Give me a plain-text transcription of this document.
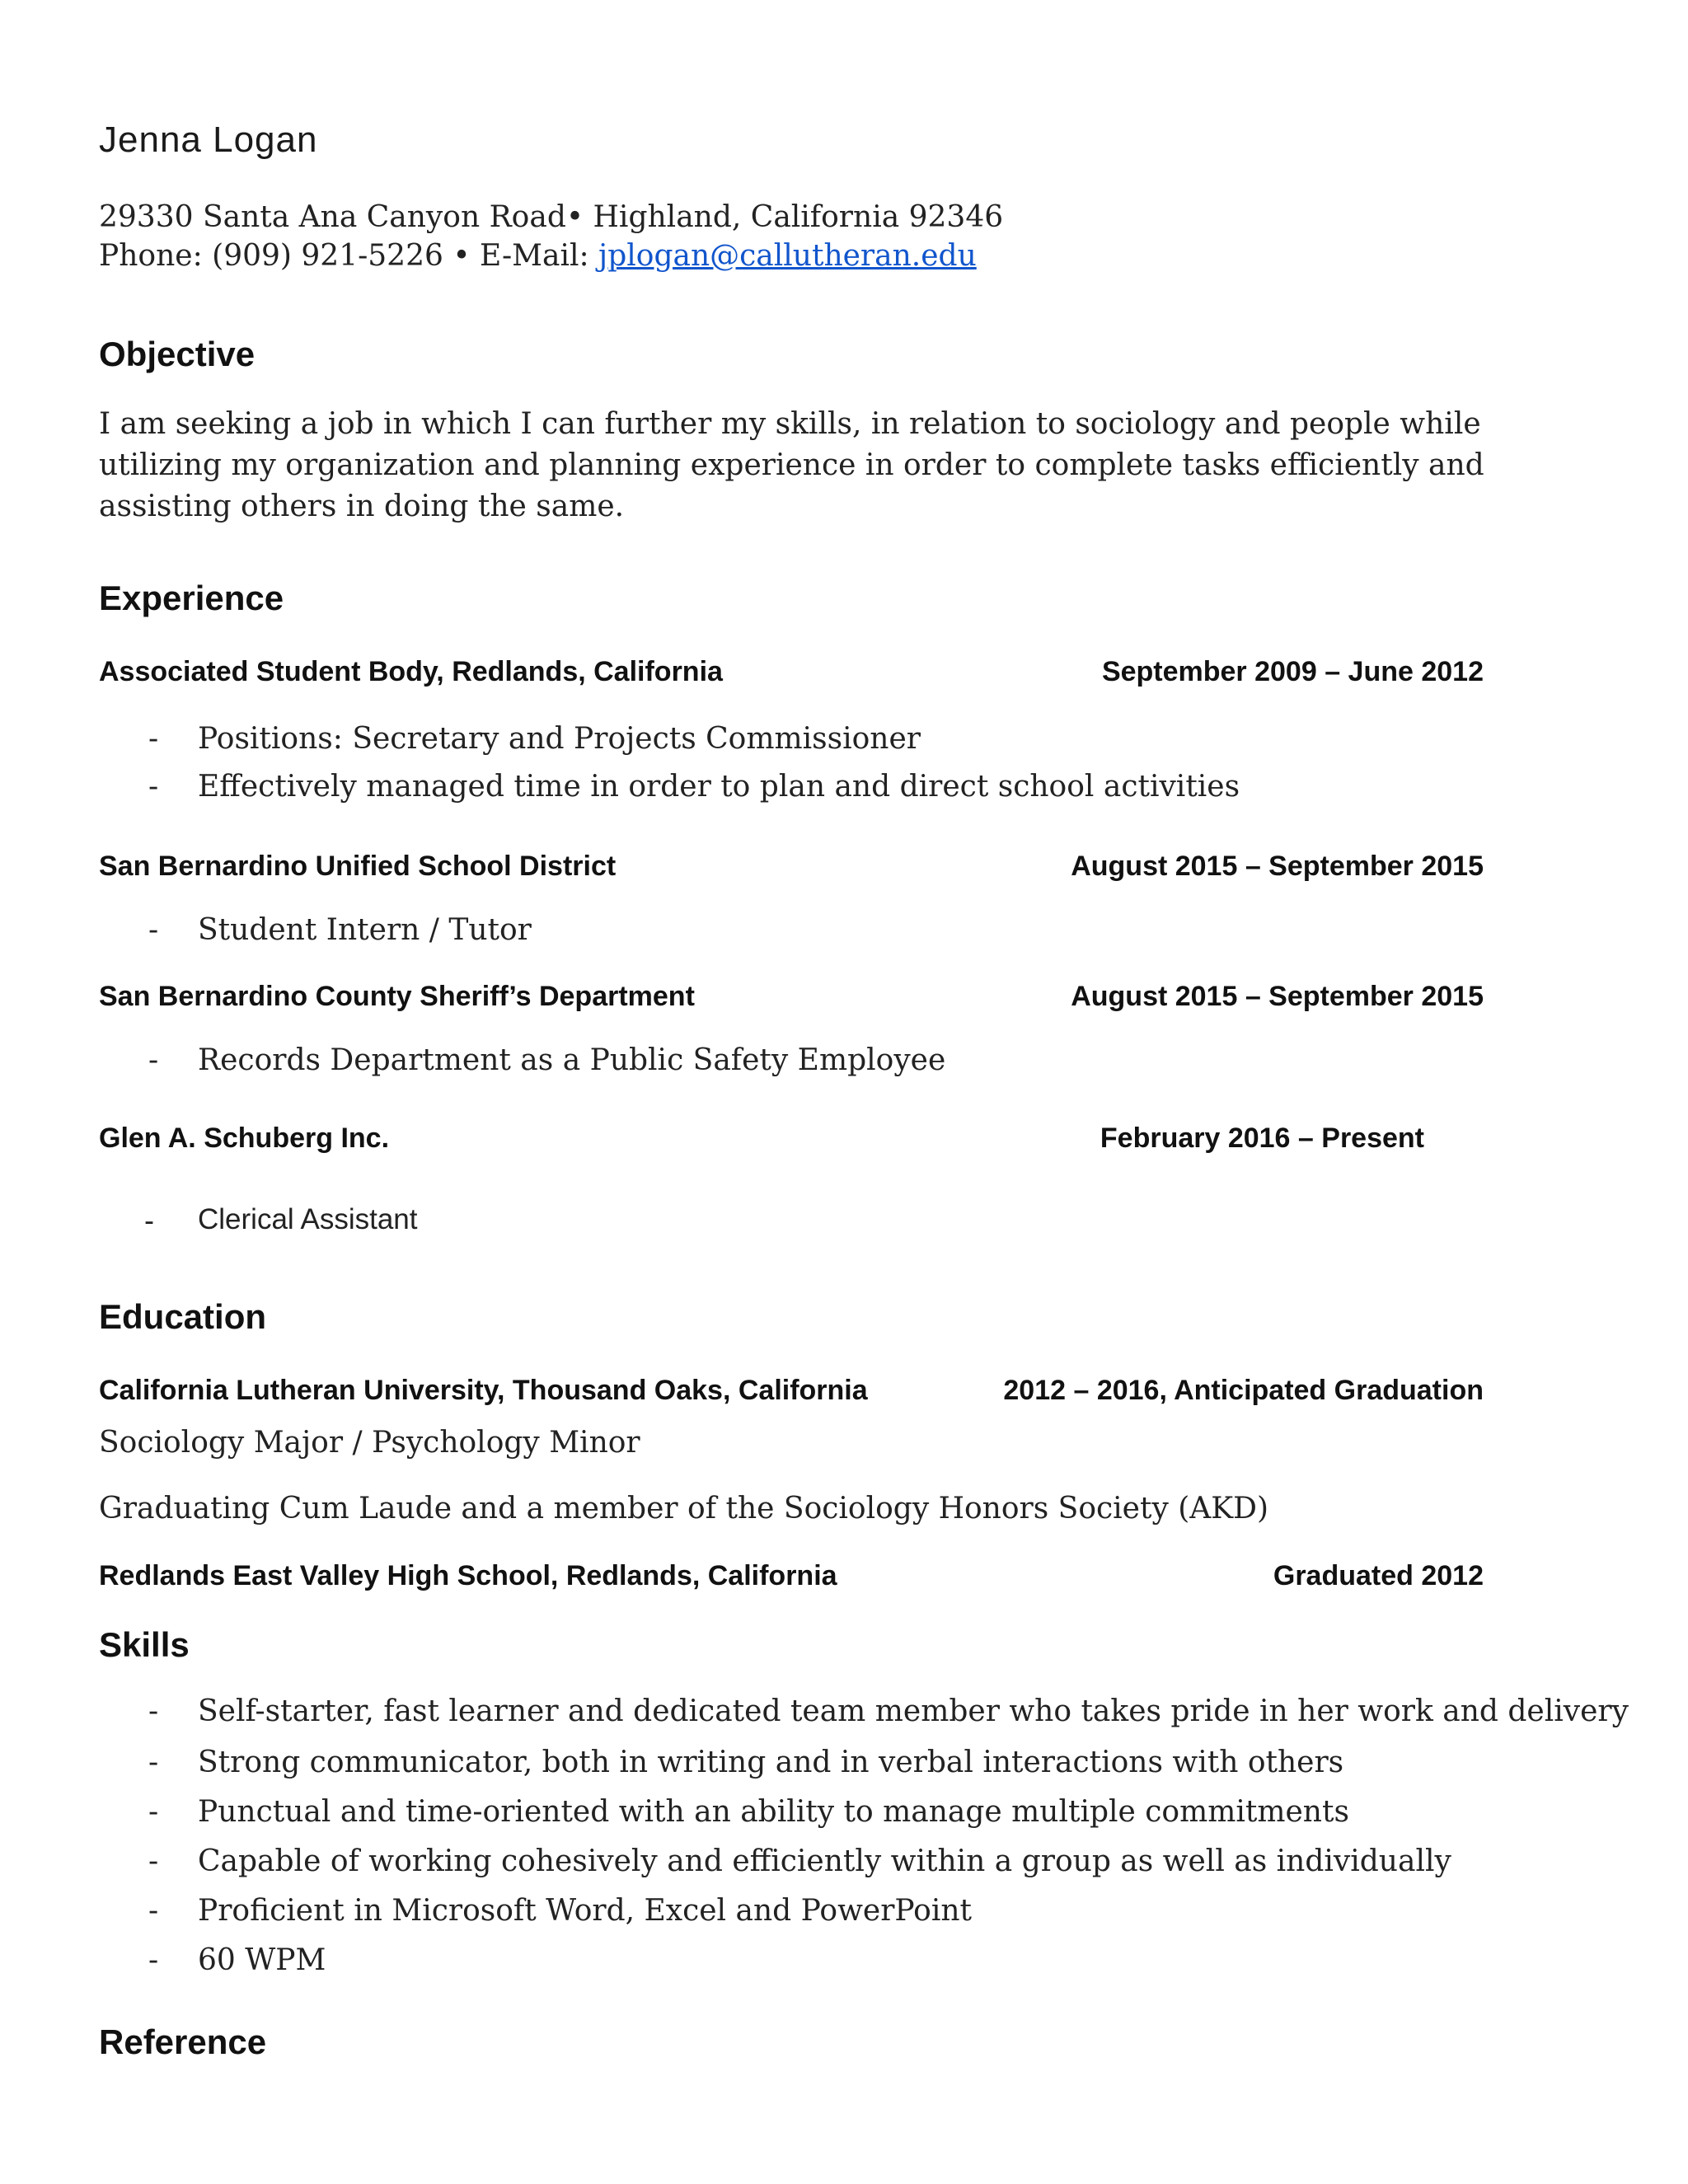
Jenna Logan
29330 Santa Ana Canyon Road• Highland, California 92346
Phone: (909) 921-5226 • E-Mail: jplogan@callutheran.edu
Objective
I am seeking a job in which I can further my skills, in relation to sociology and people while utilizing my organization and planning experience in order to complete tasks efficiently and assisting others in doing the same.
Experience
Associated Student Body, Redlands, California	September 2009 – June 2012
- Positions: Secretary and Projects Commissioner
- Effectively managed time in order to plan and direct school activities
San Bernardino Unified School District	August 2015 – September 2015
- Student Intern / Tutor
San Bernardino County Sheriff’s Department	August 2015 – September 2015
- Records Department as a Public Safety Employee
Glen A. Schuberg Inc.	February 2016 – Present
- Clerical Assistant
Education
California Lutheran University, Thousand Oaks, California	2012 – 2016, Anticipated Graduation
Sociology Major / Psychology Minor
Graduating Cum Laude and a member of the Sociology Honors Society (AKD)
Redlands East Valley High School, Redlands, California	Graduated 2012
Skills
- Self-starter, fast learner and dedicated team member who takes pride in her work and delivery
- Strong communicator, both in writing and in verbal interactions with others
- Punctual and time-oriented with an ability to manage multiple commitments
- Capable of working cohesively and efficiently within a group as well as individually
- Proficient in Microsoft Word, Excel and PowerPoint
- 60 WPM
Reference
